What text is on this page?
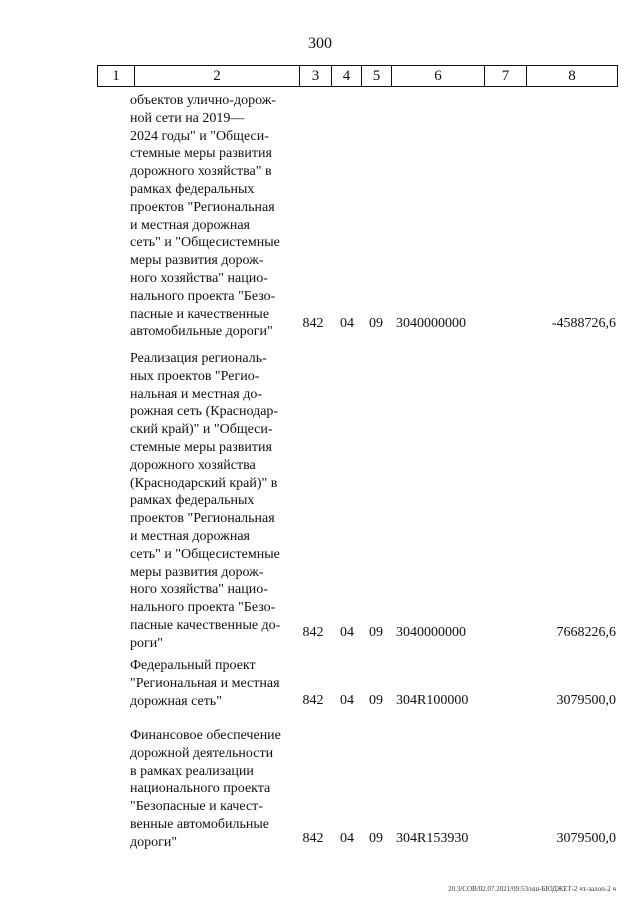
300
1	2	3	4	5	6	7	8
объектов улично-дорож-
ной сети на 2019—
2024 годы" и "Общеси-
стемные меры развития
дорожного хозяйства" в
рамках федеральных
проектов "Региональная
и местная дорожная
сеть" и "Общесистемные
меры развития дорож-
ного хозяйства" нацио-
нального проекта "Безо-
пасные и качественные
автомобильные дороги"
842	04	09 3040000000	-4588726,6
Реализация региональ-
ных проектов "Регио-
нальная и местная до-
рожная сеть (Краснодар-
ский край)" и "Общеси-
стемные меры развития
дорожного хозяйства
(Краснодарский край)" в
рамках федеральных
проектов "Региональная
и местная дорожная
сеть" и "Общесистемные
меры развития дорож-
ного хозяйства" нацио-
нального проекта "Безо-
пасные качественные до-
роги"
842	04	09 3040000000	7668226,6
Федеральный проект
"Региональная и местная
дорожная сеть"	842	04	09 304R100000	3079500,0
Финансовое обеспечение
дорожной деятельности
в рамках реализации
национального проекта
"Безопасные и качест-
венные автомобильные
дороги"	842	04	09 304R153930	3079500,0
20.3/СОВ/02.07.2021/09:53/нш-БЮДЖЕТ-2 чт-залоп-2 ч
